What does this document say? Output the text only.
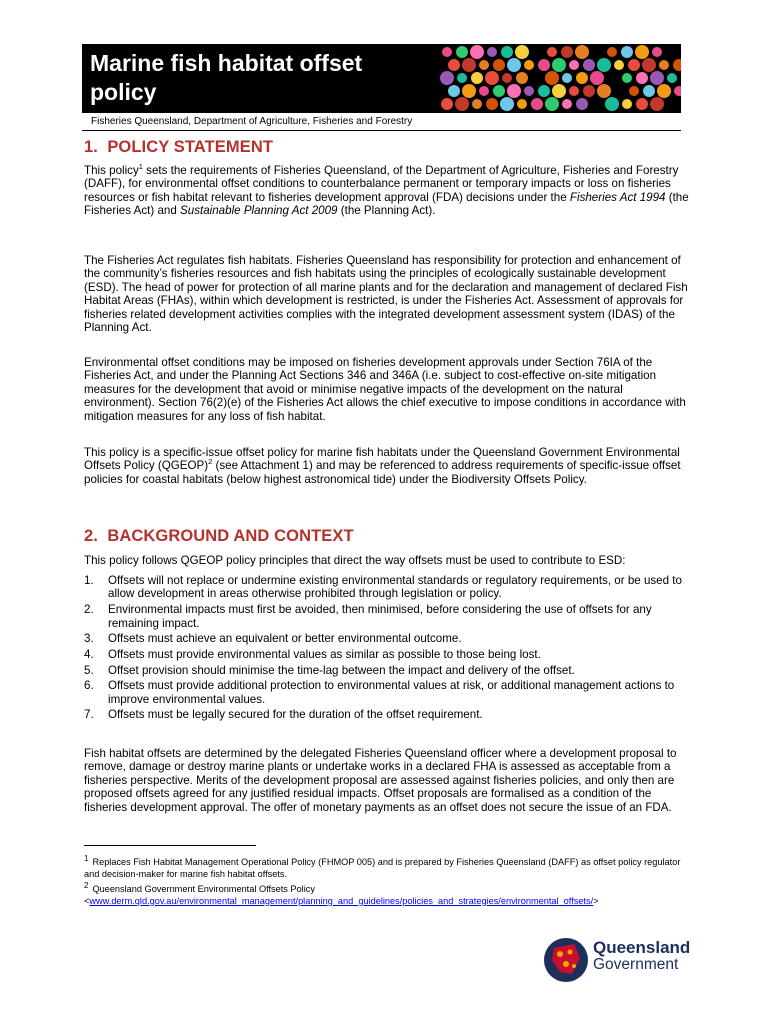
Marine fish habitat offset
policy

Fisheries Queensland, Department of Agriculture, Fisheries and Forestry

1.  POLICY STATEMENT

This policy$^1$ sets the requirements of Fisheries Queensland, of the Department of Agriculture, Fisheries and Forestry (DAFF), for environmental offset conditions to counterbalance permanent or temporary impacts or loss on fisheries resources or fish habitat relevant to fisheries development approval (FDA) decisions under the Fisheries Act 1994 (the Fisheries Act) and Sustainable Planning Act 2009 (the Planning Act).

The Fisheries Act regulates fish habitats. Fisheries Queensland has responsibility for protection and enhancement of the community’s fisheries resources and fish habitats using the principles of ecologically sustainable development (ESD). The head of power for protection of all marine plants and for the declaration and management of declared Fish Habitat Areas (FHAs), within which development is restricted, is under the Fisheries Act. Assessment of approvals for fisheries related development activities complies with the integrated development assessment system (IDAS) of the Planning Act.

Environmental offset conditions may be imposed on fisheries development approvals under Section 76IA of the Fisheries Act, and under the Planning Act Sections 346 and 346A (i.e. subject to cost-effective on-site mitigation measures for the development that avoid or minimise negative impacts of the development on the natural environment). Section 76(2)(e) of the Fisheries Act allows the chief executive to impose conditions in accordance with mitigation measures for any loss of fish habitat.

This policy is a specific-issue offset policy for marine fish habitats under the Queensland Government Environmental Offsets Policy (QGEOP)$^2$ (see Attachment 1) and may be referenced to address requirements of specific-issue offset policies for coastal habitats (below highest astronomical tide) under the Biodiversity Offsets Policy.

2.  BACKGROUND AND CONTEXT

This policy follows QGEOP policy principles that direct the way offsets must be used to contribute to ESD:

1. Offsets will not replace or undermine existing environmental standards or regulatory requirements, or be used to allow development in areas otherwise prohibited through legislation or policy.
2. Environmental impacts must first be avoided, then minimised, before considering the use of offsets for any remaining impact.
3. Offsets must achieve an equivalent or better environmental outcome.
4. Offsets must provide environmental values as similar as possible to those being lost.
5. Offset provision should minimise the time-lag between the impact and delivery of the offset.
6. Offsets must provide additional protection to environmental values at risk, or additional management actions to improve environmental values.
7. Offsets must be legally secured for the duration of the offset requirement.

Fish habitat offsets are determined by the delegated Fisheries Queensland officer where a development proposal to remove, damage or destroy marine plants or undertake works in a declared FHA is assessed as acceptable from a fisheries perspective. Merits of the development proposal are assessed against fisheries policies, and only then are proposed offsets agreed for any justified residual impacts. Offset proposals are formalised as a condition of the fisheries development approval. The offer of monetary payments as an offset does not secure the issue of an FDA.

1 Replaces Fish Habitat Management Operational Policy (FHMOP 005) and is prepared by Fisheries Queensland (DAFF) as offset policy regulator and decision-maker for marine fish habitat offsets.

2 Queensland Government Environmental Offsets Policy
<www.derm.qld.gov.au/environmental_management/planning_and_guidelines/policies_and_strategies/environmental_offsets/>

Queensland

Government
